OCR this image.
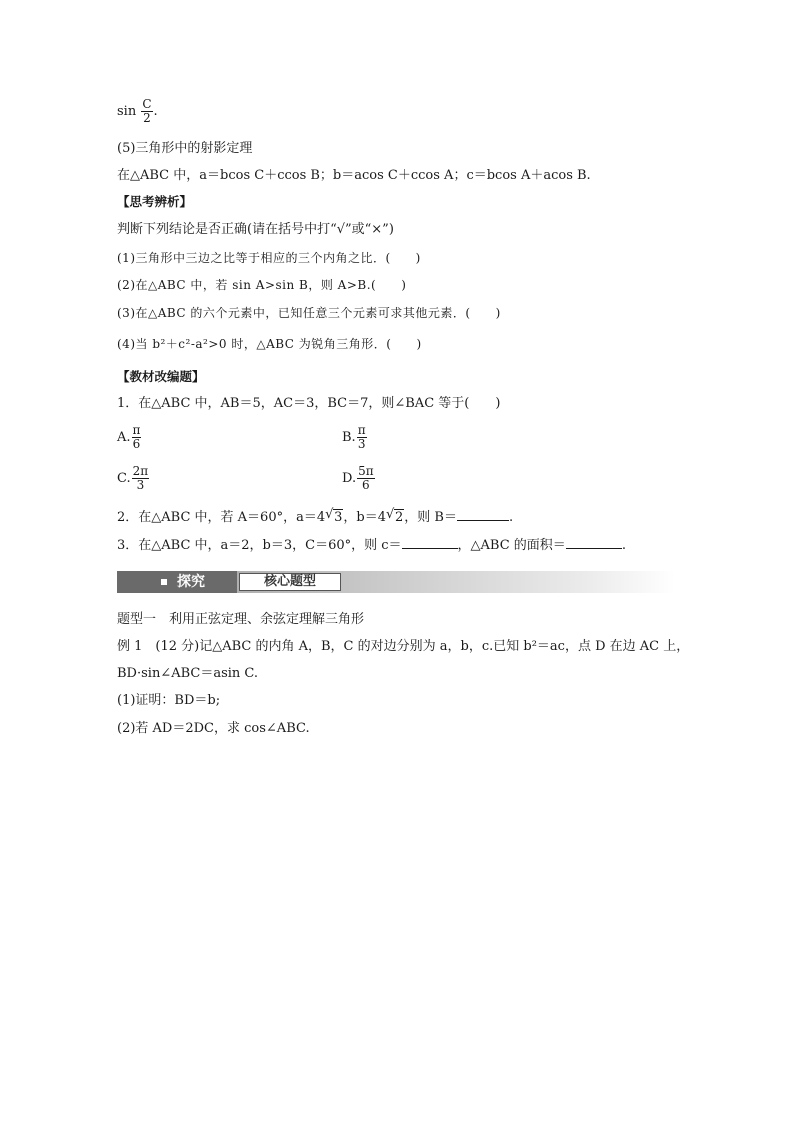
$\sin \frac{C}{2}$ .
(5)三角形中的射影定理
在△ABC 中，a＝bcos C＋ccos B；b＝acos C＋ccos A；c＝bcos A＋acos B.
【思考辨析】
判断下列结论是否正确(请在括号中打“√”或“×”)
(1)三角形中三边之比等于相应的三个内角之比．(　　)
(2)在△ABC 中，若 sin A>sin B，则 A>B.(　　)
(3)在△ABC 的六个元素中，已知任意三个元素可求其他元素．(　　)
(4)当 b²＋c²-a²>0 时，△ABC 为锐角三角形．(　　)
【教材改编题】
1．在△ABC 中，AB＝5，AC＝3，BC＝7，则∠BAC 等于(　　)
A. $\frac{\pi}{6}$	B. $\frac{\pi}{3}$
C. $\frac{2\pi}{3}$	D. $\frac{5\pi}{6}$
2．在△ABC 中，若 A＝60°，a＝4 √ 3，b＝4 √ 2，则 B＝	.
3．在△ABC 中，a＝2，b＝3，C＝60°，则 c＝	，△ABC 的面积＝	.
探究	核心题型
题型一　利用正弦定理、余弦定理解三角形
例 1　(12 分)记△ABC 的内角 A，B，C 的对边分别为 a，b，c.已知 b²＝ac，点 D 在边 AC 上，
BD·sin∠ABC＝asin C.
(1)证明：BD＝b;
(2)若 AD＝2DC，求 cos∠ABC.
